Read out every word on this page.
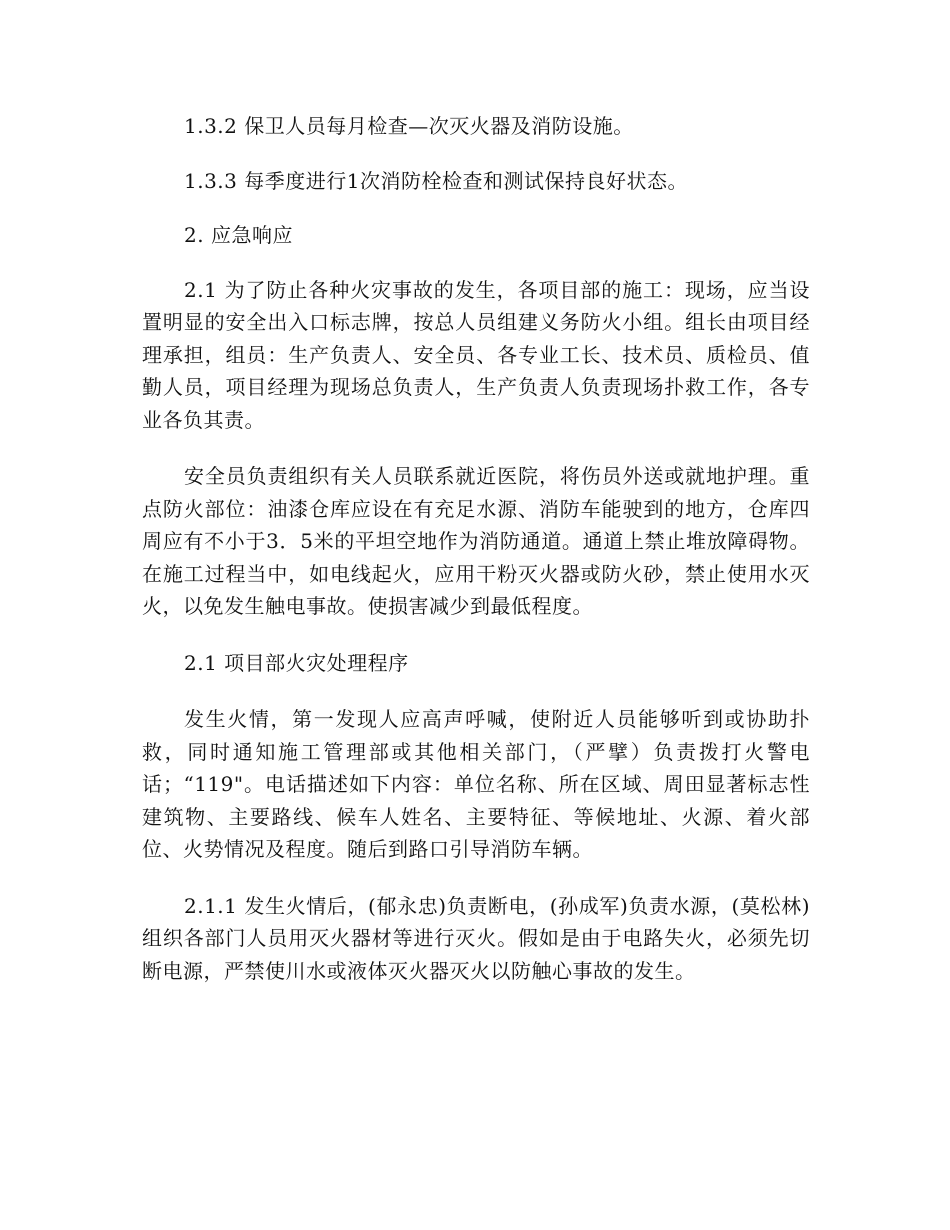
1.3.2 保卫人员每月检查—次灭火器及消防设施。

1.3.3 每季度进行1次消防栓检查和测试保持良好状态。

2. 应急响应

2.1 为了防止各种火灾事故的发生，各项目部的施工：现场，应当设置明显的安全出入口标志牌，按总人员组建义务防火小组。组长由项目经理承担，组员：生产负责人、安全员、各专业工长、技术员、质检员、值勤人员，项目经理为现场总负责人，生产负责人负责现场扑救工作，各专业各负其责。

安全员负责组织有关人员联系就近医院，将伤员外送或就地护理。重点防火部位：油漆仓库应设在有充足水源、消防车能驶到的地方，仓库四周应有不小于3．5米的平坦空地作为消防通道。通道上禁止堆放障碍物。在施工过程当中，如电线起火，应用干粉灭火器或防火砂，禁止使用水灭火，以免发生触电事故。使损害减少到最低程度。

2.1 项目部火灾处理程序

发生火情，第一发现人应高声呼喊，使附近人员能够听到或协助扑救，同时通知施工管理部或其他相关部门，（严擘）负责拨打火警电话；“119"。电话描述如下内容：单位名称、所在区域、周田显著标志性建筑物、主要路线、候车人姓名、主要特征、等候地址、火源、着火部位、火势情况及程度。随后到路口引导消防车辆。

2.1.1 发生火情后，(郁永忠)负责断电，(孙成军)负责水源，(莫松林)组织各部门人员用灭火器材等进行灭火。假如是由于电路失火，必须先切断电源，严禁使川水或液体灭火器灭火以防触心事故的发生。
